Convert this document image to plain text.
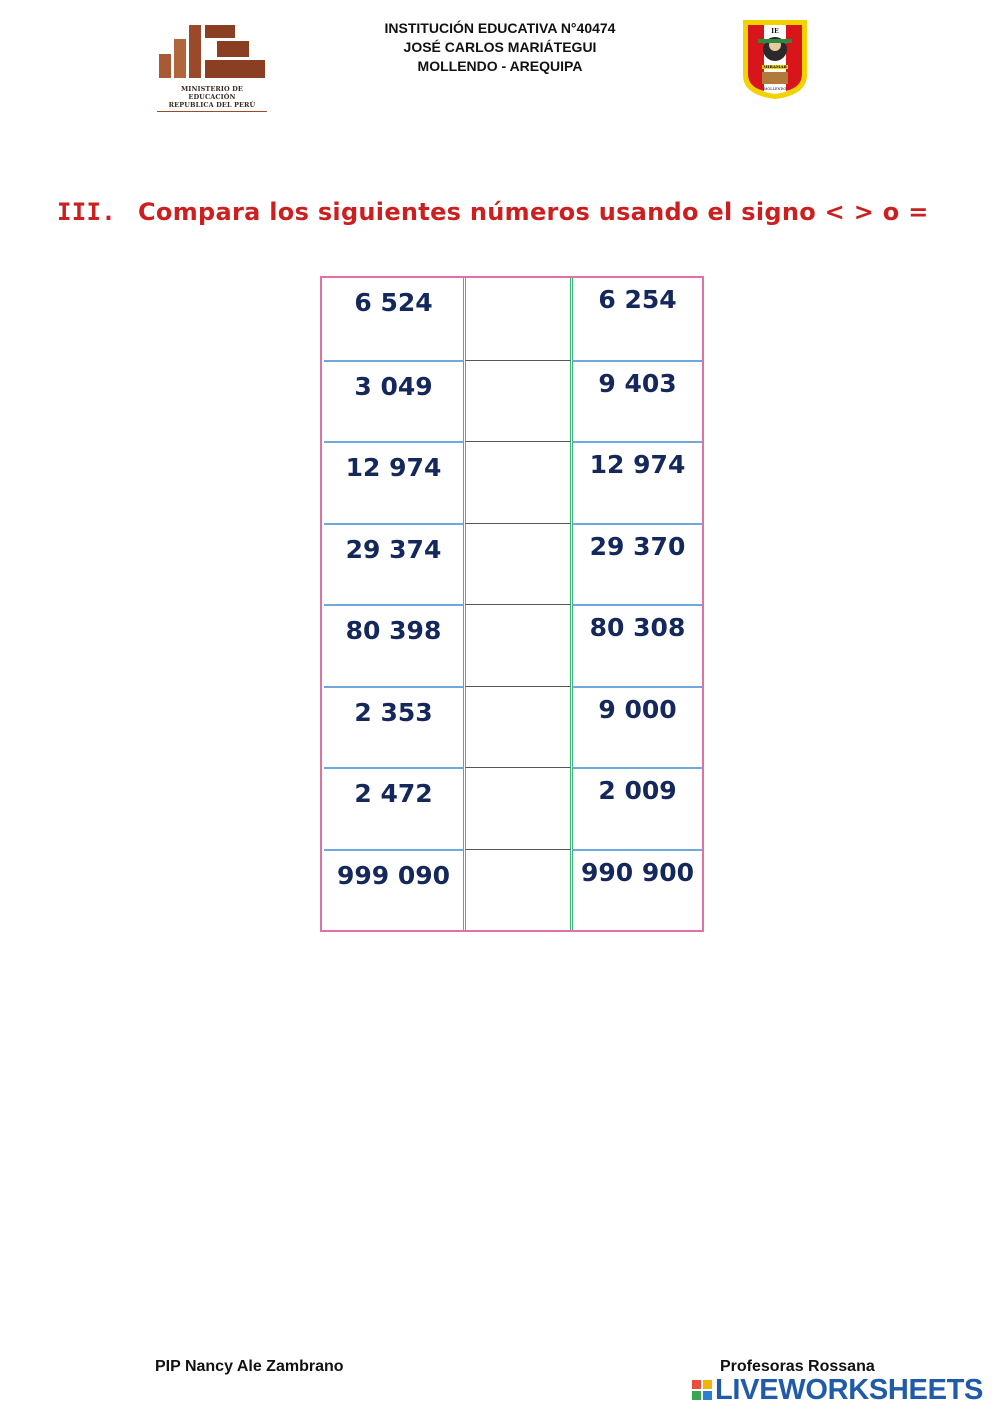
MINISTERIO DE EDUCACIÓN
REPUBLICA DEL PERÚ
INSTITUCIÓN EDUCATIVA N°40474
JOSÉ CARLOS MARIÁTEGUI
MOLLENDO - AREQUIPA
IE
MIRAMAR
MOLLENDO
III. Compara los siguientes números usando el signo < > o =
6 524	6 254
3 049	9 403
12 974	12 974
29 374	29 370
80 398	80 308
2 353	9 000
2 472	2 009
999 090	990 900
PIP Nancy Ale Zambrano	Profesoras Rossana
LIVEWORKSHEETS
